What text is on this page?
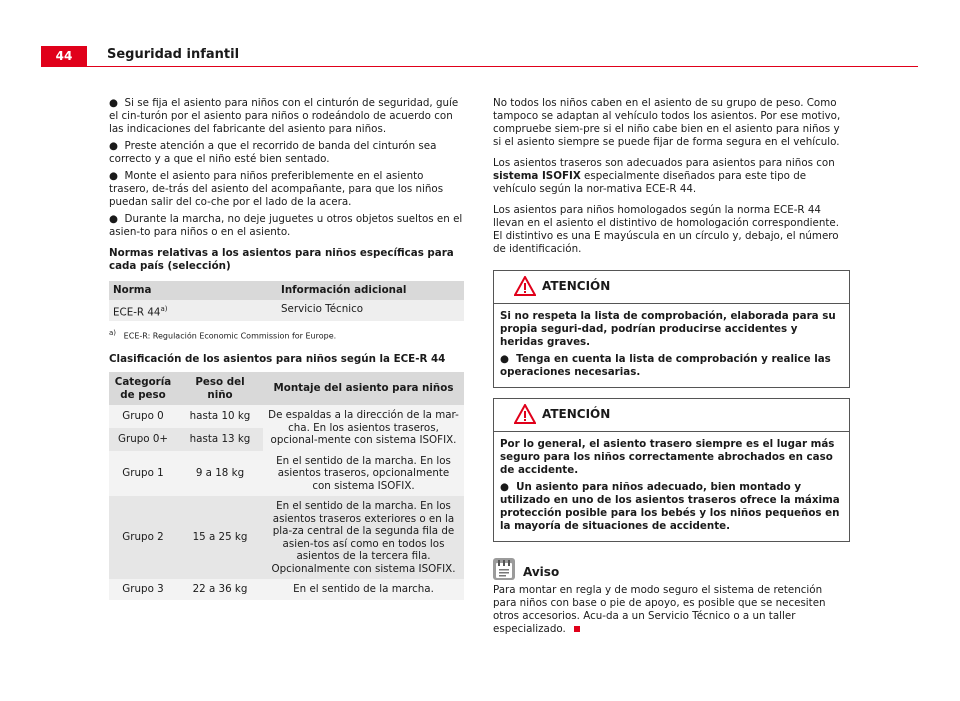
44	Seguridad infantil
● Si se fija el asiento para niños con el cinturón de seguridad, guíe el cin-turón por el asiento para niños o rodeándolo de acuerdo con las indicaciones del fabricante del asiento para niños.
● Preste atención a que el recorrido de banda del cinturón sea correcto y a que el niño esté bien sentado.
● Monte el asiento para niños preferiblemente en el asiento trasero, de-trás del asiento del acompañante, para que los niños puedan salir del co-che por el lado de la acera.
● Durante la marcha, no deje juguetes u otros objetos sueltos en el asien-to para niños o en el asiento.

Normas relativas a los asientos para niños específicas para cada país (selección)

Norma	Información adicional
ECE-R 44$^{a)}$	Servicio Técnico
$^{a)}$ ECE-R: Regulación Economic Commission for Europe.

Clasificación de los asientos para niños según la ECE-R 44

Categoría de peso	Peso del niño	Montaje del asiento para niños
Grupo 0	hasta 10 kg	De espaldas a la dirección de la mar-cha. En los asientos traseros, opcional-mente con sistema ISOFIX.
Grupo 0+	hasta 13 kg	
Grupo 1	9 a 18 kg	En el sentido de la marcha. En los asientos traseros, opcionalmente con sistema ISOFIX.
Grupo 2	15 a 25 kg	En el sentido de la marcha. En los asientos traseros exteriores o en la pla-za central de la segunda fila de asien-tos así como en todos los asientos de la tercera fila. Opcionalmente con sistema ISOFIX.
Grupo 3	22 a 36 kg	En el sentido de la marcha.

No todos los niños caben en el asiento de su grupo de peso. Como tampoco se adaptan al vehículo todos los asientos. Por ese motivo, compruebe siem-pre si el niño cabe bien en el asiento para niños y si el asiento siempre se puede fijar de forma segura en el vehículo.

Los asientos traseros son adecuados para asientos para niños con sistema ISOFIX especialmente diseñados para este tipo de vehículo según la nor-mativa ECE-R 44.

Los asientos para niños homologados según la norma ECE-R 44 llevan en el asiento el distintivo de homologación correspondiente. El distintivo es una E mayúscula en un círculo y, debajo, el número de identificación.

ATENCIÓN

Si no respeta la lista de comprobación, elaborada para su propia seguri-dad, podrían producirse accidentes y heridas graves.

● Tenga en cuenta la lista de comprobación y realice las operaciones necesarias.

ATENCIÓN

Por lo general, el asiento trasero siempre es el lugar más seguro para los niños correctamente abrochados en caso de accidente.

● Un asiento para niños adecuado, bien montado y utilizado en uno de los asientos traseros ofrece la máxima protección posible para los bebés y los niños pequeños en la mayoría de situaciones de accidente.

Aviso

Para montar en regla y de modo seguro el sistema de retención para niños con base o pie de apoyo, es posible que se necesiten otros accesorios. Acu-da a un Servicio Técnico o a un taller especializado.
